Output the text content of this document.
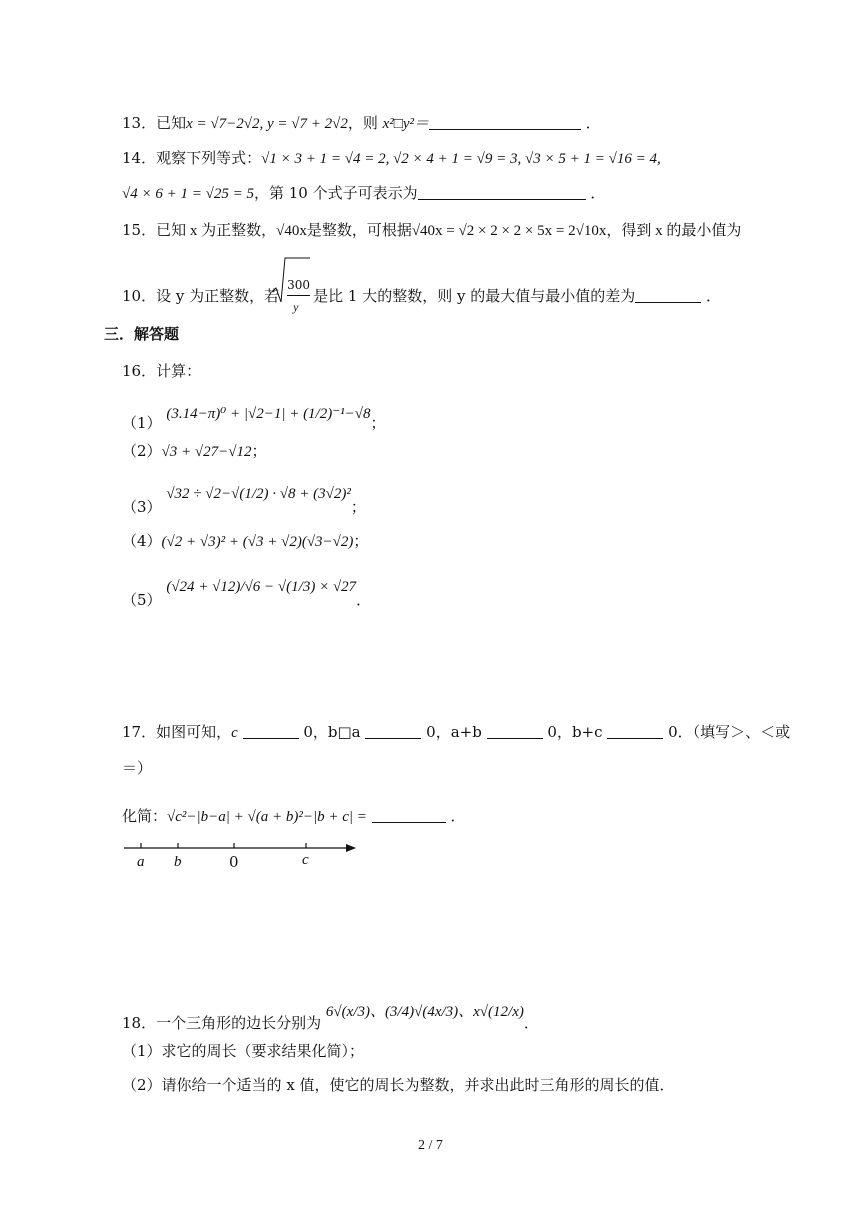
13．已知x = √7−2√2, y = √7 + 2√2，则 x²□y²＝	．
14．观察下列等式：√1 × 3 + 1 = √4 = 2, √2 × 4 + 1 = √9 = 3, √3 × 5 + 1 = √16 = 4,
√4 × 6 + 1 = √25 = 5，第 10 个式子可表示为	．
15．已知 x 为正整数，√40x是整数，可根据√40x = √2 × 2 × 2 × 5x = 2√10x，得到 x 的最小值为
10．设 y 为正整数，若
$\frac{300}{y}$
是比 1 大的整数，则 y 的最大值与最小值的差为	．
三．解答题
16．计算：
（1） (3.14−π)⁰ + |√2−1| + (1/2)⁻¹−√8；
（2）√3 + √27−√12；
（3） √32 ÷ √2−√(1/2) · √8 + (3√2)²；
（4）(√2 + √3)² + (√3 + √2)(√3−√2)；
（5） (√24 + √12)/√6 − √(1/3) × √27．
17．如图可知，c	0，b□a	0，a+b	0，b+c	0．（填写＞、＜或
＝）
化简：√c²−|b−a| + √(a + b)²−|b + c| =	．
a b	0	c
18．一个三角形的边长分别为 6√(x/3)、(3/4)√(4x/3)、x√(12/x)．
（1）求它的周长（要求结果化简）；
（2）请你给一个适当的 x 值，使它的周长为整数，并求出此时三角形的周长的值．
2 / 7
